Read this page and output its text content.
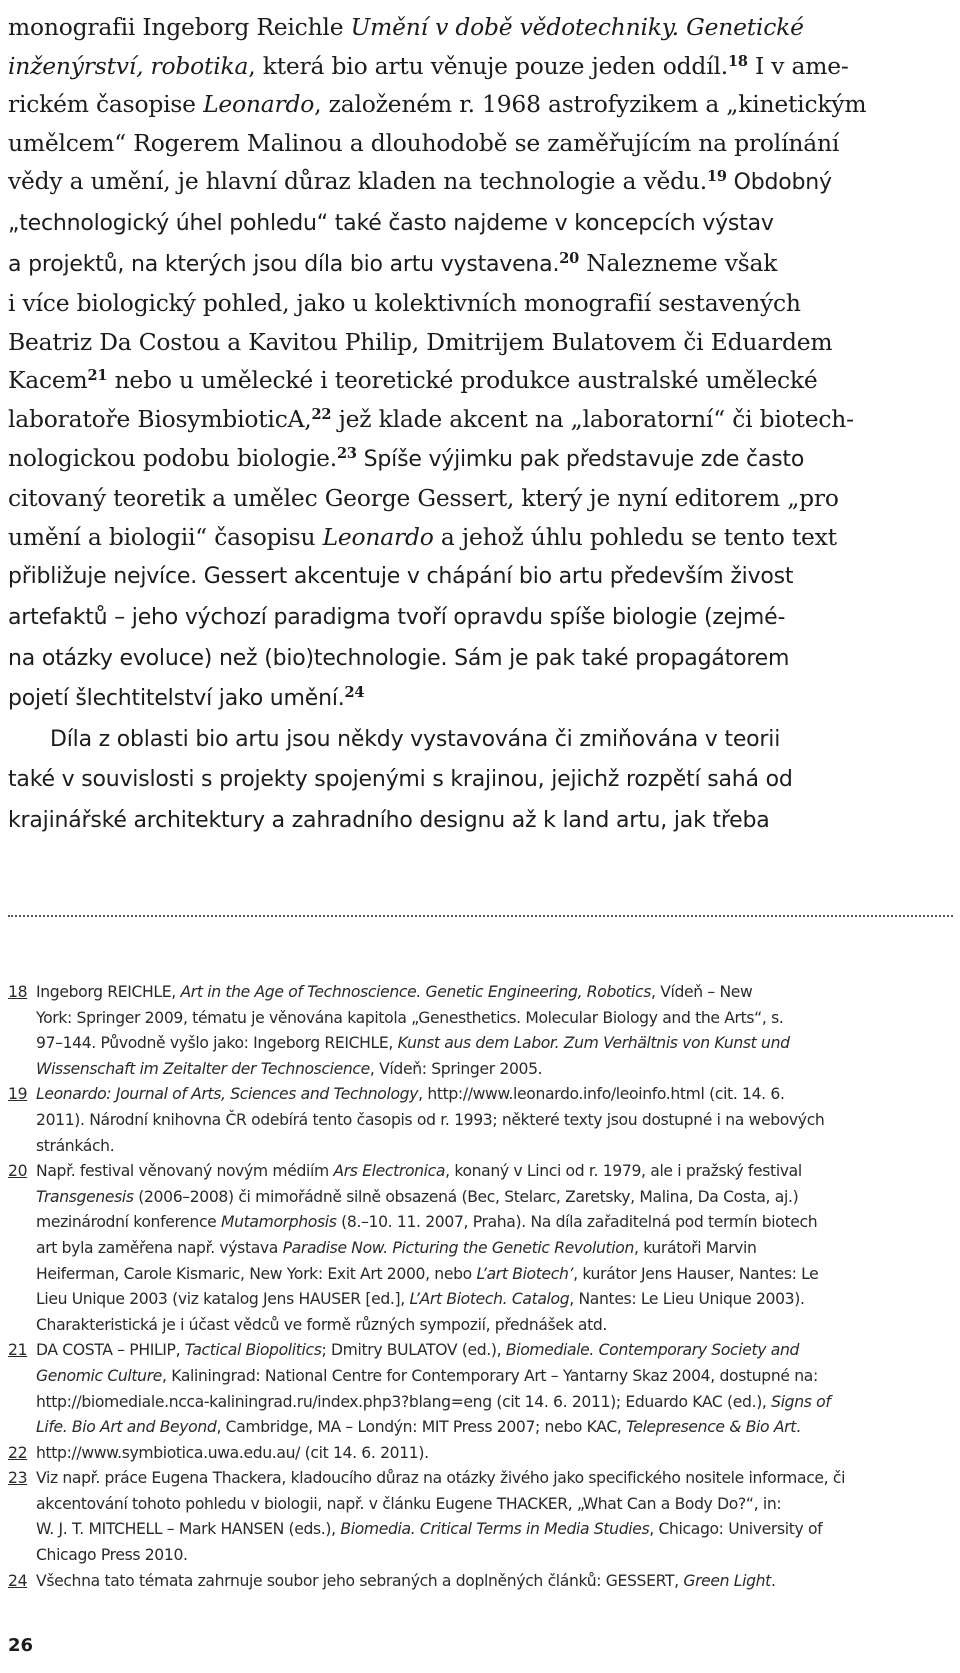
monografii Ingeborg Reichle Umění v době vědotechniky. Genetické
inženýrství, robotika, která bio artu věnuje pouze jeden oddíl.$^{18}$ I v ame-
rickém časopise Leonardo, založeném r. 1968 astrofyzikem a „kinetickým
umělcem“ Rogerem Malinou a dlouhodobě se zaměřujícím na prolínání
vědy a umění, je hlavní důraz kladen na technologie a vědu.$^{19}$ Obdobný
„technologický úhel pohledu“ také často najdeme v koncepcích výstav
a projektů, na kterých jsou díla bio artu vystavena.$^{20}$ Nalezneme však
i více biologický pohled, jako u kolektivních monografií sestavených
Beatriz Da Costou a Kavitou Philip, Dmitrijem Bulatovem či Eduardem
Kacem$^{21}$ nebo u umělecké i teoretické produkce australské umělecké
laboratoře BiosymbioticA,$^{22}$ jež klade akcent na „laboratorní“ či biotech-
nologickou podobu biologie.$^{23}$ Spíše výjimku pak představuje zde často
citovaný teoretik a umělec George Gessert, který je nyní editorem „pro
umění a biologii“ časopisu Leonardo a jehož úhlu pohledu se tento text
přibližuje nejvíce. Gessert akcentuje v chápání bio artu především živost
artefaktů – jeho výchozí paradigma tvoří opravdu spíše biologie (zejmé-
na otázky evoluce) než (bio)technologie. Sám je pak také propagátorem
pojetí šlechtitelství jako umění.$^{24}$
Díla z oblasti bio artu jsou někdy vystavována či zmiňována v teorii
také v souvislosti s projekty spojenými s krajinou, jejichž rozpětí sahá od
krajinářské architektury a zahradního designu až k land artu, jak třeba
18 Ingeborg REICHLE, Art in the Age of Technoscience. Genetic Engineering, Robotics, Vídeň – New
York: Springer 2009, tématu je věnována kapitola „Genesthetics. Molecular Biology and the Arts“, s.
97–144. Původně vyšlo jako: Ingeborg REICHLE, Kunst aus dem Labor. Zum Verhältnis von Kunst und
Wissenschaft im Zeitalter der Technoscience, Vídeň: Springer 2005.
19 Leonardo: Journal of Arts, Sciences and Technology, http://www.leonardo.info/leoinfo.html (cit. 14. 6.
2011). Národní knihovna ČR odebírá tento časopis od r. 1993; některé texty jsou dostupné i na webových
stránkách.
20 Např. festival věnovaný novým médiím Ars Electronica, konaný v Linci od r. 1979, ale i pražský festival
Transgenesis (2006–2008) či mimořádně silně obsazená (Bec, Stelarc, Zaretsky, Malina, Da Costa, aj.)
mezinárodní konference Mutamorphosis (8.–10. 11. 2007, Praha). Na díla zařaditelná pod termín biotech
art byla zaměřena např. výstava Paradise Now. Picturing the Genetic Revolution, kurátoři Marvin
Heiferman, Carole Kismaric, New York: Exit Art 2000, nebo L’art Biotech’, kurátor Jens Hauser, Nantes: Le
Lieu Unique 2003 (viz katalog Jens HAUSER [ed.], L’Art Biotech. Catalog, Nantes: Le Lieu Unique 2003).
Charakteristická je i účast vědců ve formě různých sympozií, přednášek atd.
21 DA COSTA – PHILIP, Tactical Biopolitics; Dmitry BULATOV (ed.), Biomediale. Contemporary Society and
Genomic Culture, Kaliningrad: National Centre for Contemporary Art – Yantarny Skaz 2004, dostupné na:
http://biomediale.ncca-kaliningrad.ru/index.php3?blang=eng (cit 14. 6. 2011); Eduardo KAC (ed.), Signs of
Life. Bio Art and Beyond, Cambridge, MA – Londýn: MIT Press 2007; nebo KAC, Telepresence & Bio Art.
22 http://www.symbiotica.uwa.edu.au/ (cit 14. 6. 2011).
23 Viz např. práce Eugena Thackera, kladoucího důraz na otázky živého jako specifického nositele informace, či
akcentování tohoto pohledu v biologii, např. v článku Eugene THACKER, „What Can a Body Do?“, in:
W. J. T. MITCHELL – Mark HANSEN (eds.), Biomedia. Critical Terms in Media Studies, Chicago: University of
Chicago Press 2010.
24 Všechna tato témata zahrnuje soubor jeho sebraných a doplněných článků: GESSERT, Green Light.
26
